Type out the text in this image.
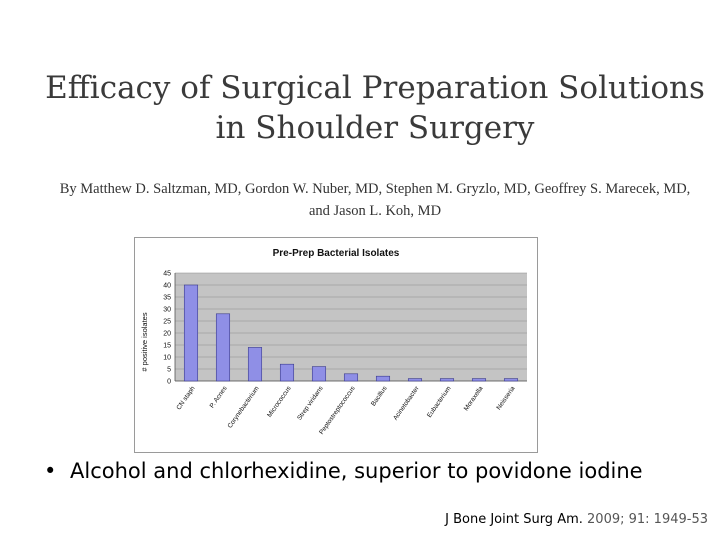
Efficacy of Surgical Preparation Solutions
in Shoulder Surgery
By Matthew D. Saltzman, MD, Gordon W. Nuber, MD, Stephen M. Gryzlo, MD, Geoffrey S. Marecek, MD,
and Jason L. Koh, MD
Pre-Prep Bacterial Isolates
# positive isolates
0
5
10
15
20
25
30
35
40
45
CN staph P. Acnes
Corynebacterium Micrococcus Strep viridans
Peptostreptococcus Bacillus Acinetobacter Eubacterium Moraxella Neisseria
• Alcohol and chlorhexidine, superior to povidone iodine
J Bone Joint Surg Am. 2009; 91: 1949-53
